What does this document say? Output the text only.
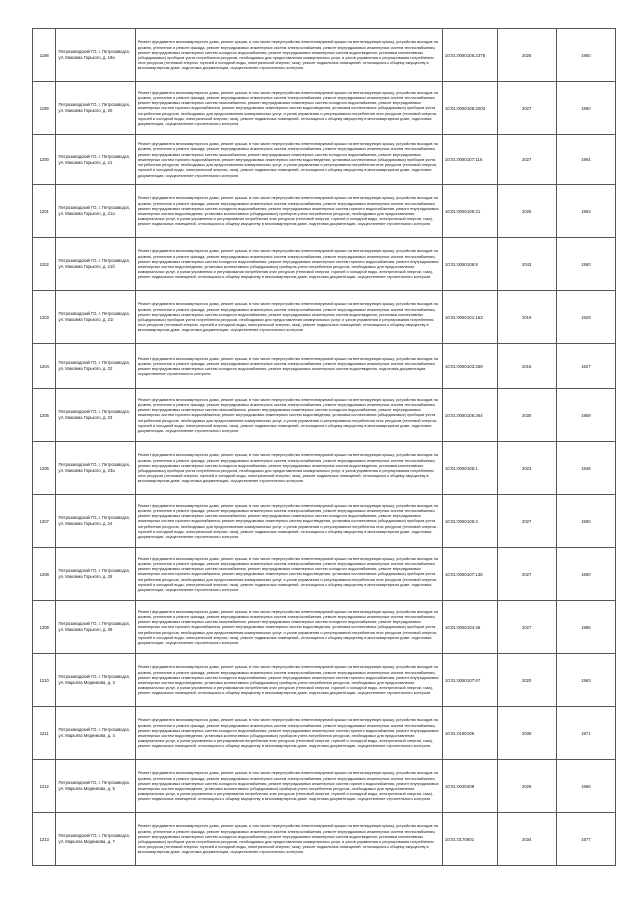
1198	Петрозаводский ГО, г. Петрозаводск, ул. Максима Горького, д. 19а	Ремонт фундамента многоквартирного дома, ремонт крыши, в том числе переустройство невентилируемой крыши на вентилируемую крышу, устройство выходов на кровлю, утепление и ремонт фасада, ремонт внутридомовых инженерных систем электроснабжения, ремонт внутридомовых инженерных систем теплоснабжения, ремонт внутридомовых инженерных систем холодного водоснабжения, ремонт внутридомовых инженерных систем водоотведения, установка коллективных (общедомовых) приборов учета потребления ресурсов, необходимых для предоставления коммунальных услуг, и узлов управления и регулирования потребления этих ресурсов (тепловой энергии, горячей и холодной воды, электрической энергии, газа), ремонт подвальных помещений, относящихся к общему имуществу в многоквартирном доме, подготовка документации, осуществление строительного контроля	10:01:0060106:2375	2028	1960
1199	Петрозаводский ГО, г. Петрозаводск, ул. Максима Горького, д. 20	Ремонт фундамента многоквартирного дома, ремонт крыши, в том числе переустройство невентилируемой крыши на вентилируемую крышу, устройство выходов на кровлю, утепление и ремонт фасада, ремонт внутридомовых инженерных систем электроснабжения, ремонт внутридомовых инженерных систем теплоснабжения, ремонт внутридомовых инженерных систем газоснабжения, ремонт внутридомовых инженерных систем холодного водоснабжения, ремонт внутридомовых инженерных систем горячего водоснабжения, ремонт внутридомовых инженерных систем водоотведения, установка коллективных (общедомовых) приборов учета потребления ресурсов, необходимых для предоставления коммунальных услуг, и узлов управления и регулирования потребления этих ресурсов (тепловой энергии, горячей и холодной воды, электрической энергии, газа), ремонт подвальных помещений, относящихся к общему имуществу в многоквартирном доме, подготовка документации, осуществление строительного контроля	10:01:0060106:2003	2027	1960
1200	Петрозаводский ГО, г. Петрозаводск, ул. Максима Горького, д. 21	Ремонт фундамента многоквартирного дома, ремонт крыши, в том числе переустройство невентилируемой крыши на вентилируемую крышу, устройство выходов на кровлю, утепление и ремонт фасада, ремонт внутридомовых инженерных систем электроснабжения, ремонт внутридомовых инженерных систем теплоснабжения, ремонт внутридомовых инженерных систем газоснабжения, ремонт внутридомовых инженерных систем холодного водоснабжения, ремонт внутридомовых инженерных систем горячего водоснабжения, ремонт внутридомовых инженерных систем водоотведения, установка коллективных (общедомовых) приборов учета потребления ресурсов, необходимых для предоставления коммунальных услуг, и узлов управления и регулирования потребления этих ресурсов (тепловой энергии, горячей и холодной воды, электрической энергии, газа), ремонт подвальных помещений, относящихся к общему имуществу в многоквартирном доме, подготовка документации, осуществление строительного контроля	10:01:0060107:116	2027	1964
1201	Петрозаводский ГО, г. Петрозаводск, ул. Максима Горького, д. 21а	Ремонт фундамента многоквартирного дома, ремонт крыши, в том числе переустройство невентилируемой крыши на вентилируемую крышу, устройство выходов на кровлю, утепление и ремонт фасада, ремонт внутридомовых инженерных систем электроснабжения, ремонт внутридомовых инженерных систем теплоснабжения, ремонт внутридомовых инженерных систем холодного водоснабжения, ремонт внутридомовых инженерных систем горячего водоснабжения, ремонт внутридомовых инженерных систем водоотведения, установка коллективных (общедомовых) приборов учета потребления ресурсов, необходимых для предоставления коммунальных услуг, и узлов управления и регулирования потребления этих ресурсов (тепловой энергии, горячей и холодной воды, электрической энергии, газа), ремонт подвальных помещений, относящихся к общему имуществу в многоквартирном доме, подготовка документации, осуществление строительного контроля	10:01:0060106:21	2026	1963
1202	Петрозаводский ГО, г. Петрозаводск, ул. Максима Горького, д. 21б	Ремонт фундамента многоквартирного дома, ремонт крыши, в том числе переустройство невентилируемой крыши на вентилируемую крышу, устройство выходов на кровлю, утепление и ремонт фасада, ремонт внутридомовых инженерных систем электроснабжения, ремонт внутридомовых инженерных систем теплоснабжения, ремонт внутридомовых инженерных систем холодного водоснабжения, ремонт внутридомовых инженерных систем горячего водоснабжения, ремонт внутридомовых инженерных систем водоотведения, установка коллективных (общедомовых) приборов учета потребления ресурсов, необходимых для предоставления коммунальных услуг, и узлов управления и регулирования потребления этих ресурсов (тепловой энергии, горячей и холодной воды, электрической энергии, газа), ремонт подвальных помещений, относящихся к общему имуществу в многоквартирном доме, подготовка документации, осуществление строительного контроля	10:01:0060106:8	2043	1960
1203	Петрозаводский ГО, г. Петрозаводск, ул. Максима Горького, д. 21г	Ремонт фундамента многоквартирного дома, ремонт крыши, в том числе переустройство невентилируемой крыши на вентилируемую крышу, устройство выходов на кровлю, утепление и ремонт фасада, ремонт внутридомовых инженерных систем электроснабжения, ремонт внутридомовых инженерных систем теплоснабжения, ремонт внутридомовых инженерных систем холодного водоснабжения, ремонт внутридомовых инженерных систем водоотведения, установка коллективных (общедомовых) приборов учета потребления ресурсов, необходимых для предоставления коммунальных услуг, и узлов управления и регулирования потребления этих ресурсов (тепловой энергии, горячей и холодной воды, электрической энергии, газа), ремонт подвальных помещений, относящихся к общему имуществу в многоквартирном доме, подготовка документации, осуществление строительного контроля	10:01:0060101:163	2019	1929
1204	Петрозаводский ГО, г. Петрозаводск, ул. Максима Горького, д. 22	Ремонт фундамента многоквартирного дома, ремонт крыши, в том числе переустройство невентилируемой крыши на вентилируемую крышу, устройство выходов на кровлю, утепление и ремонт фасада, ремонт внутридомовых инженерных систем электроснабжения, ремонт внутридомовых инженерных систем теплоснабжения, ремонт внутридомовых инженерных систем холодного водоснабжения, ремонт внутридомовых инженерных систем водоотведения, подготовка документации, осуществление строительного контроля	10:01:0060103:259	2016	1927
1205	Петрозаводский ГО, г. Петрозаводск, ул. Максима Горького, д. 23	Ремонт фундамента многоквартирного дома, ремонт крыши, в том числе переустройство невентилируемой крыши на вентилируемую крышу, устройство выходов на кровлю, утепление и ремонт фасада, ремонт внутридомовых инженерных систем электроснабжения, ремонт внутридомовых инженерных систем теплоснабжения, ремонт внутридомовых инженерных систем газоснабжения, ремонт внутридомовых инженерных систем холодного водоснабжения, ремонт внутридомовых инженерных систем горячего водоснабжения, ремонт внутридомовых инженерных систем водоотведения, установка коллективных (общедомовых) приборов учета потребления ресурсов, необходимых для предоставления коммунальных услуг, и узлов управления и регулирования потребления этих ресурсов (тепловой энергии, горячей и холодной воды, электрической энергии, газа), ремонт подвальных помещений, относящихся к общему имуществу в многоквартирном доме, подготовка документации, осуществление строительного контроля	10:01:0060106:264	2030	1959
1206	Петрозаводский ГО, г. Петрозаводск, ул. Максима Горького, д. 23а	Ремонт фундамента многоквартирного дома, ремонт крыши, в том числе переустройство невентилируемой крыши на вентилируемую крышу, устройство выходов на кровлю, утепление и ремонт фасада, ремонт внутридомовых инженерных систем электроснабжения, ремонт внутридомовых инженерных систем теплоснабжения, ремонт внутридомовых инженерных систем холодного водоснабжения, ремонт внутридомовых инженерных систем водоотведения, установка коллективных (общедомовых) приборов учета потребления ресурсов, необходимых для предоставления коммунальных услуг, и узлов управления и регулирования потребления этих ресурсов (тепловой энергии, горячей и холодной воды, электрической энергии, газа), ремонт подвальных помещений, относящихся к общему имуществу в многоквартирном доме, подготовка документации, осуществление строительного контроля	10:01:0060106:1	2023	1948
1207	Петрозаводский ГО, г. Петрозаводск, ул. Максима Горького, д. 24	Ремонт фундамента многоквартирного дома, ремонт крыши, в том числе переустройство невентилируемой крыши на вентилируемую крышу, устройство выходов на кровлю, утепление и ремонт фасада, ремонт внутридомовых инженерных систем электроснабжения, ремонт внутридомовых инженерных систем теплоснабжения, ремонт внутридомовых инженерных систем газоснабжения, ремонт внутридомовых инженерных систем холодного водоснабжения, ремонт внутридомовых инженерных систем горячего водоснабжения, ремонт внутридомовых инженерных систем водоотведения, установка коллективных (общедомовых) приборов учета потребления ресурсов, необходимых для предоставления коммунальных услуг, и узлов управления и регулирования потребления этих ресурсов (тепловой энергии, горячей и холодной воды, электрической энергии, газа), ремонт подвальных помещений, относящихся к общему имуществу в многоквартирном доме, подготовка документации, осуществление строительного контроля	10:01:0060106:4	2027	1960
1208	Петрозаводский ГО, г. Петрозаводск, ул. Максима Горького, д. 26	Ремонт фундамента многоквартирного дома, ремонт крыши, в том числе переустройство невентилируемой крыши на вентилируемую крышу, устройство выходов на кровлю, утепление и ремонт фасада, ремонт внутридомовых инженерных систем электроснабжения, ремонт внутридомовых инженерных систем теплоснабжения, ремонт внутридомовых инженерных систем газоснабжения, ремонт внутридомовых инженерных систем холодного водоснабжения, ремонт внутридомовых инженерных систем горячего водоснабжения, ремонт внутридомовых инженерных систем водоотведения, установка коллективных (общедомовых) приборов учета потребления ресурсов, необходимых для предоставления коммунальных услуг, и узлов управления и регулирования потребления этих ресурсов (тепловой энергии, горячей и холодной воды, электрической энергии, газа), ремонт подвальных помещений, относящихся к общему имуществу в многоквартирном доме, подготовка документации, осуществление строительного контроля	10:01:0060107:136	2027	1960
1209	Петрозаводский ГО, г. Петрозаводск, ул. Максима Горького, д. 28	Ремонт фундамента многоквартирного дома, ремонт крыши, в том числе переустройство невентилируемой крыши на вентилируемую крышу, устройство выходов на кровлю, утепление и ремонт фасада, ремонт внутридомовых инженерных систем электроснабжения, ремонт внутридомовых инженерных систем теплоснабжения, ремонт внутридомовых инженерных систем газоснабжения, ремонт внутридомовых инженерных систем холодного водоснабжения, ремонт внутридомовых инженерных систем горячего водоснабжения, ремонт внутридомовых инженерных систем водоотведения, установка коллективных (общедомовых) приборов учета потребления ресурсов, необходимых для предоставления коммунальных услуг, и узлов управления и регулирования потребления этих ресурсов (тепловой энергии, горячей и холодной воды, электрической энергии, газа), ремонт подвальных помещений, относящихся к общему имуществу в многоквартирном доме, подготовка документации, осуществление строительного контроля	10:01:0060104:46	2027	1966
1210	Петрозаводский ГО, г. Петрозаводск, ул. Марьяла Медникова, д. 3	Ремонт фундамента многоквартирного дома, ремонт крыши, в том числе переустройство невентилируемой крыши на вентилируемую крышу, устройство выходов на кровлю, утепление и ремонт фасада, ремонт внутридомовых инженерных систем электроснабжения, ремонт внутридомовых инженерных систем теплоснабжения, ремонт внутридомовых инженерных систем холодного водоснабжения, ремонт внутридомовых инженерных систем горячего водоснабжения, ремонт внутридомовых инженерных систем водоотведения, установка коллективных (общедомовых) приборов учета потребления ресурсов, необходимых для предоставления коммунальных услуг, и узлов управления и регулирования потребления этих ресурсов (тепловой энергии, горячей и холодной воды, электрической энергии, газа), ремонт подвальных помещений, относящихся к общему имуществу в многоквартирном доме, подготовка документации, осуществление строительного контроля	10:01:0060107:67	2020	1963
1211	Петрозаводский ГО, г. Петрозаводск, ул. Марьяла Медникова, д. 4	Ремонт фундамента многоквартирного дома, ремонт крыши, в том числе переустройство невентилируемой крыши на вентилируемую крышу, устройство выходов на кровлю, утепление и ремонт фасада, ремонт внутридомовых инженерных систем электроснабжения, ремонт внутридомовых инженерных систем теплоснабжения, ремонт внутридомовых инженерных систем холодного водоснабжения, ремонт внутридомовых инженерных систем горячего водоснабжения, ремонт внутридомовых инженерных систем водоотведения, установка коллективных (общедомовых) приборов учета потребления ресурсов, необходимых для предоставления коммунальных услуг, и узлов управления и регулирования потребления этих ресурсов (тепловой энергии, горячей и холодной воды, электрической энергии, газа), ремонт подвальных помещений, относящихся к общему имуществу в многоквартирном доме, подготовка документации, осуществление строительного контроля	10:01:0180106	2035	1971
1212	Петрозаводский ГО, г. Петрозаводск, ул. Марьяла Медникова, д. 5	Ремонт фундамента многоквартирного дома, ремонт крыши, в том числе переустройство невентилируемой крыши на вентилируемую крышу, устройство выходов на кровлю, утепление и ремонт фасада, ремонт внутридомовых инженерных систем электроснабжения, ремонт внутридомовых инженерных систем теплоснабжения, ремонт внутридомовых инженерных систем холодного водоснабжения, ремонт внутридомовых инженерных систем горячего водоснабжения, ремонт внутридомовых инженерных систем водоотведения, установка коллективных (общедомовых) приборов учета потребления ресурсов, необходимых для предоставления коммунальных услуг, и узлов управления и регулирования потребления этих ресурсов (тепловой энергии, горячей и холодной воды, электрической энергии, газа), ремонт подвальных помещений, относящихся к общему имуществу в многоквартирном доме, подготовка документации, осуществление строительного контроля	10:01:0030409	2028	1966
1213	Петрозаводский ГО, г. Петрозаводск, ул. Марьяла Медникова, д. 7	Ремонт фундамента многоквартирного дома, ремонт крыши, в том числе переустройство невентилируемой крыши на вентилируемую крышу, устройство выходов на кровлю, утепление и ремонт фасада, ремонт внутридомовых инженерных систем электроснабжения, ремонт внутридомовых инженерных систем теплоснабжения, ремонт внутридомовых инженерных систем холодного водоснабжения, ремонт внутридомовых инженерных систем водоотведения, установка коллективных (общедомовых) приборов учета потребления ресурсов, необходимых для предоставления коммунальных услуг, и узлов управления и регулирования потребления этих ресурсов (тепловой энергии, горячей и холодной воды, электрической энергии, газа), ремонт подвальных помещений, относящихся к общему имуществу в многоквартирном доме, подготовка документации, осуществление строительного контроля	10:01:0170601	2034	1977
